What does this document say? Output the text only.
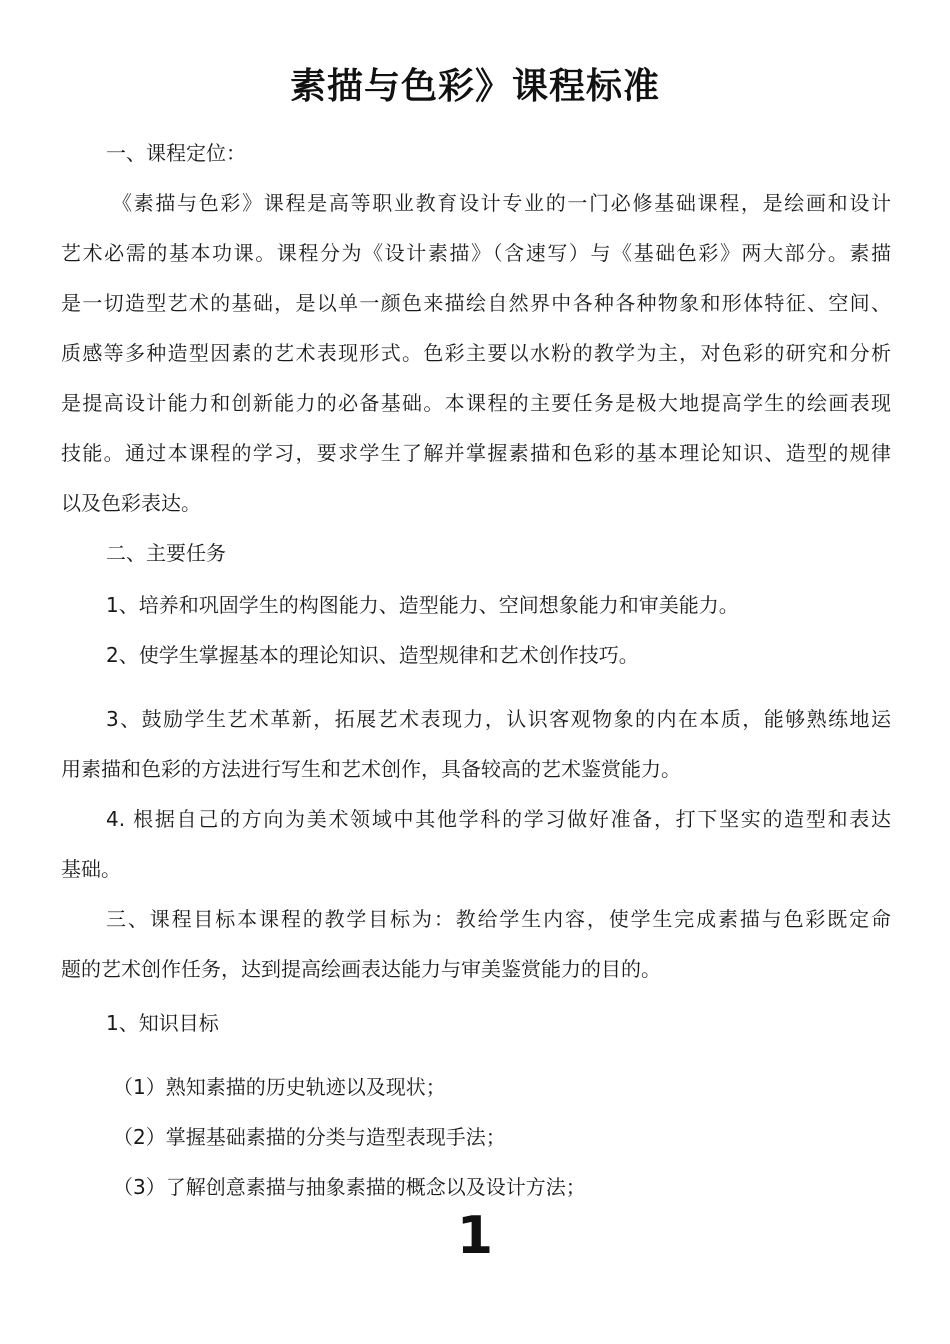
素描与色彩》课程标准

一、课程定位：

《素描与色彩》课程是高等职业教育设计专业的一门必修基础课程，是绘画和设计

艺术必需的基本功课。课程分为《设计素描》（含速写）与《基础色彩》两大部分。素描

是一切造型艺术的基础，是以单一颜色来描绘自然界中各种各种物象和形体特征、空间、

质感等多种造型因素的艺术表现形式。色彩主要以水粉的教学为主，对色彩的研究和分析

是提高设计能力和创新能力的必备基础。本课程的主要任务是极大地提高学生的绘画表现

技能。通过本课程的学习，要求学生了解并掌握素描和色彩的基本理论知识、造型的规律

以及色彩表达。

二、主要任务

1、培养和巩固学生的构图能力、造型能力、空间想象能力和审美能力。

2、使学生掌握基本的理论知识、造型规律和艺术创作技巧。

3、鼓励学生艺术革新，拓展艺术表现力，认识客观物象的内在本质，能够熟练地运

用素描和色彩的方法进行写生和艺术创作，具备较高的艺术鉴赏能力。

4. 根据自己的方向为美术领域中其他学科的学习做好准备，打下坚实的造型和表达

基础。

三、课程目标本课程的教学目标为：教给学生内容，使学生完成素描与色彩既定命

题的艺术创作任务，达到提高绘画表达能力与审美鉴赏能力的目的。

1、知识目标

（1）熟知素描的历史轨迹以及现状；

（2）掌握基础素描的分类与造型表现手法；

（3）了解创意素描与抽象素描的概念以及设计方法；

1
